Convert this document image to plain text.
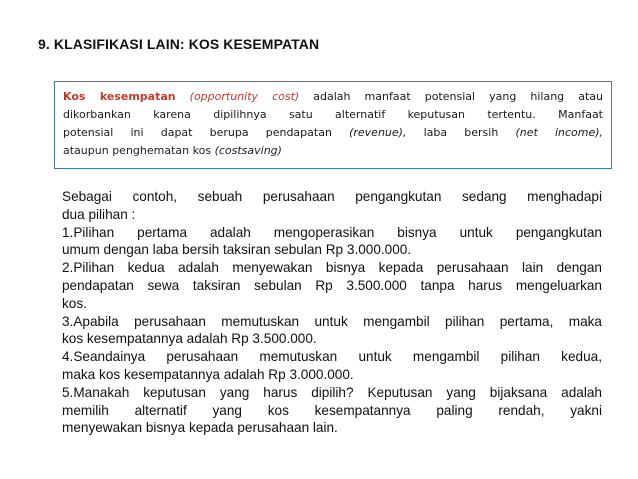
9. KLASIFIKASI LAIN: KOS KESEMPATAN
Kos kesempatan (opportunity cost) adalah manfaat potensial yang hilang atau
dikorbankan karena dipilihnya satu alternatif keputusan tertentu. Manfaat
potensial ini dapat berupa pendapatan (revenue), laba bersih (net income),
ataupun penghematan kos (costsaving)
Sebagai contoh, sebuah perusahaan pengangkutan sedang menghadapi
dua pilihan :
1.Pilihan pertama adalah mengoperasikan bisnya untuk pengangkutan
umum dengan laba bersih taksiran sebulan Rp 3.000.000.
2.Pilihan kedua adalah menyewakan bisnya kepada perusahaan lain dengan
pendapatan sewa taksiran sebulan Rp 3.500.000 tanpa harus mengeluarkan
kos.
3.Apabila perusahaan memutuskan untuk mengambil pilihan pertama, maka
kos kesempatannya adalah Rp 3.500.000.
4.Seandainya perusahaan memutuskan untuk mengambil pilihan kedua,
maka kos kesempatannya adalah Rp 3.000.000.
5.Manakah keputusan yang harus dipilih? Keputusan yang bijaksana adalah
memilih alternatif yang kos kesempatannya paling rendah, yakni
menyewakan bisnya kepada perusahaan lain.
